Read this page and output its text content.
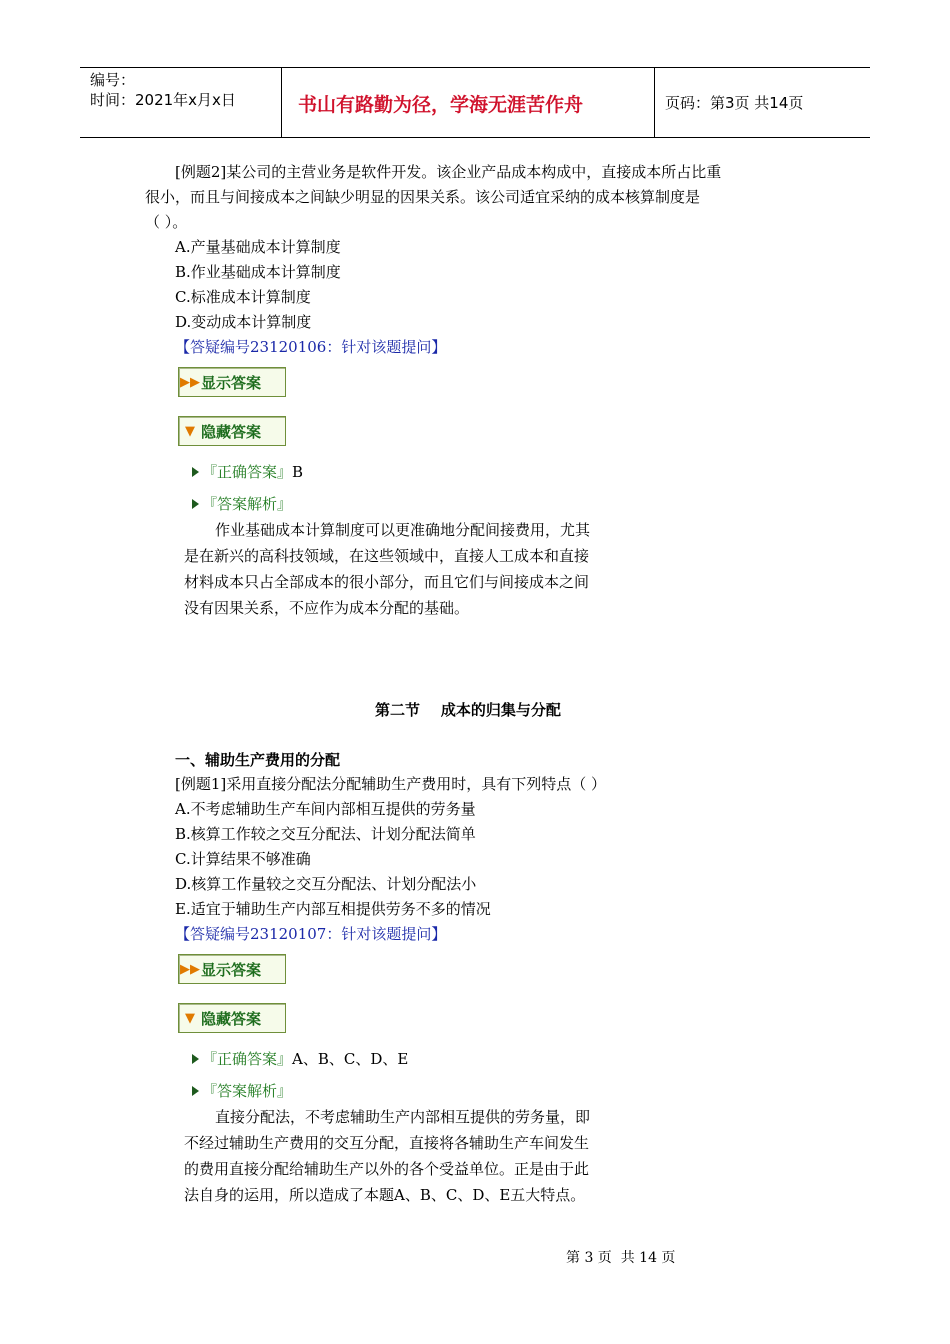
编号：
时间：2021年x月x日	书山有路勤为径，学海无涯苦作舟	页码：第3页 共14页
[例题2]某公司的主营业务是软件开发。该企业产品成本构成中，直接成本所占比重
很小，而且与间接成本之间缺少明显的因果关系。该公司适宜采纳的成本核算制度是
（ ）。
A.产量基础成本计算制度
B.作业基础成本计算制度
C.标准成本计算制度
D.变动成本计算制度
【答疑编号23120106：针对该题提问】
▶▶ 显示答案
▼ 隐藏答案
『正确答案』B
『答案解析』
作业基础成本计算制度可以更准确地分配间接费用，尤其
是在新兴的高科技领域，在这些领域中，直接人工成本和直接
材料成本只占全部成本的很小部分，而且它们与间接成本之间
没有因果关系，不应作为成本分配的基础。
第二节    成本的归集与分配
一、辅助生产费用的分配
[例题1]采用直接分配法分配辅助生产费用时，具有下列特点（ ）
A.不考虑辅助生产车间内部相互提供的劳务量
B.核算工作较之交互分配法、计划分配法简单
C.计算结果不够准确
D.核算工作量较之交互分配法、计划分配法小
E.适宜于辅助生产内部互相提供劳务不多的情况
【答疑编号23120107：针对该题提问】
▶▶ 显示答案
▼ 隐藏答案
『正确答案』A、B、C、D、E
『答案解析』
直接分配法，不考虑辅助生产内部相互提供的劳务量，即
不经过辅助生产费用的交互分配，直接将各辅助生产车间发生
的费用直接分配给辅助生产以外的各个受益单位。正是由于此
法自身的运用，所以造成了本题A、B、C、D、E五大特点。
第 3 页  共 14 页
